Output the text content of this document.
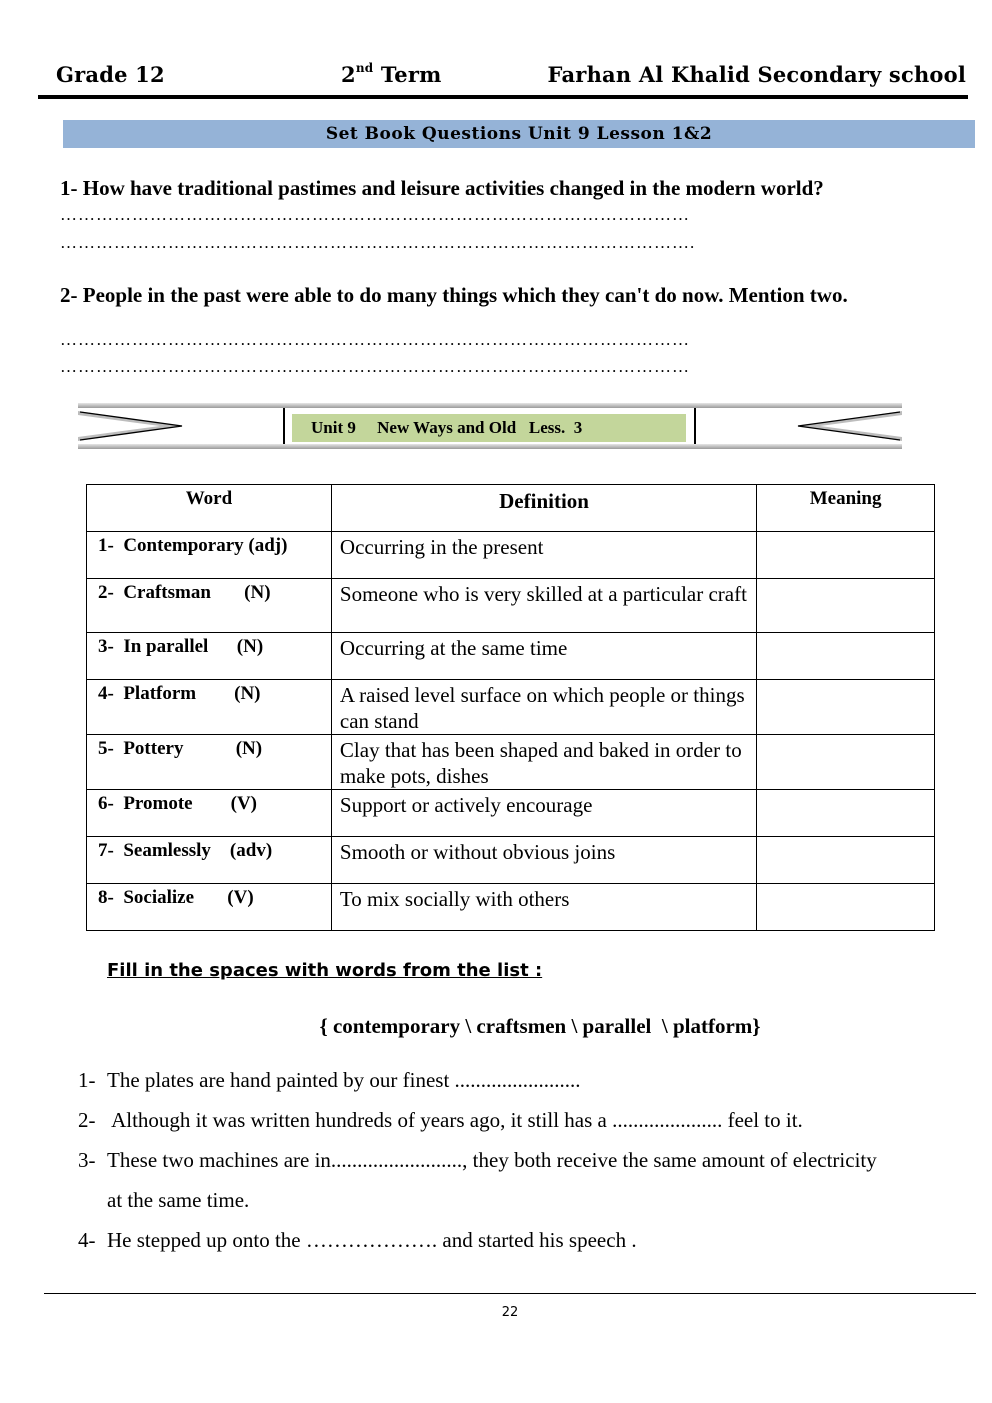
Grade 12	2nd Term	Farhan Al Khalid Secondary school
Set Book Questions Unit 9 Lesson 1&2
1- How have traditional pastimes and leisure activities changed in the modern world?
……………………………………………………………………………………………
…………………………………………………………………………………………….
2- People in the past were able to do many things which they can't do now. Mention two.
……………………………………………………………………………………………
……………………………………………………………………………………………
Unit 9     New Ways and Old   Less.  3
Word	Definition	Meaning
1-  Contemporary (adj)	Occurring in the present	
2-  Craftsman       (N)	Someone who is very skilled at a particular craft	
3-  In parallel      (N)	Occurring at the same time	
4-  Platform        (N)	A raised level surface on which people or things can stand	
5-  Pottery           (N)	Clay that has been shaped and baked in order to make pots, dishes	
6-  Promote        (V)	Support or actively encourage	
7-  Seamlessly    (adv)	Smooth or without obvious joins	
8-  Socialize       (V)	To mix socially with others	
Fill in the spaces with words from the list :
{ contemporary \ craftsmen \ parallel  \ platform}
1- The plates are hand painted by our finest ........................
2- Although it was written hundreds of years ago, it still has a ..................... feel to it.
3- These two machines are in........................., they both receive the same amount of electricity
at the same time.
4- He stepped up onto the ………………. and started his speech .
22
